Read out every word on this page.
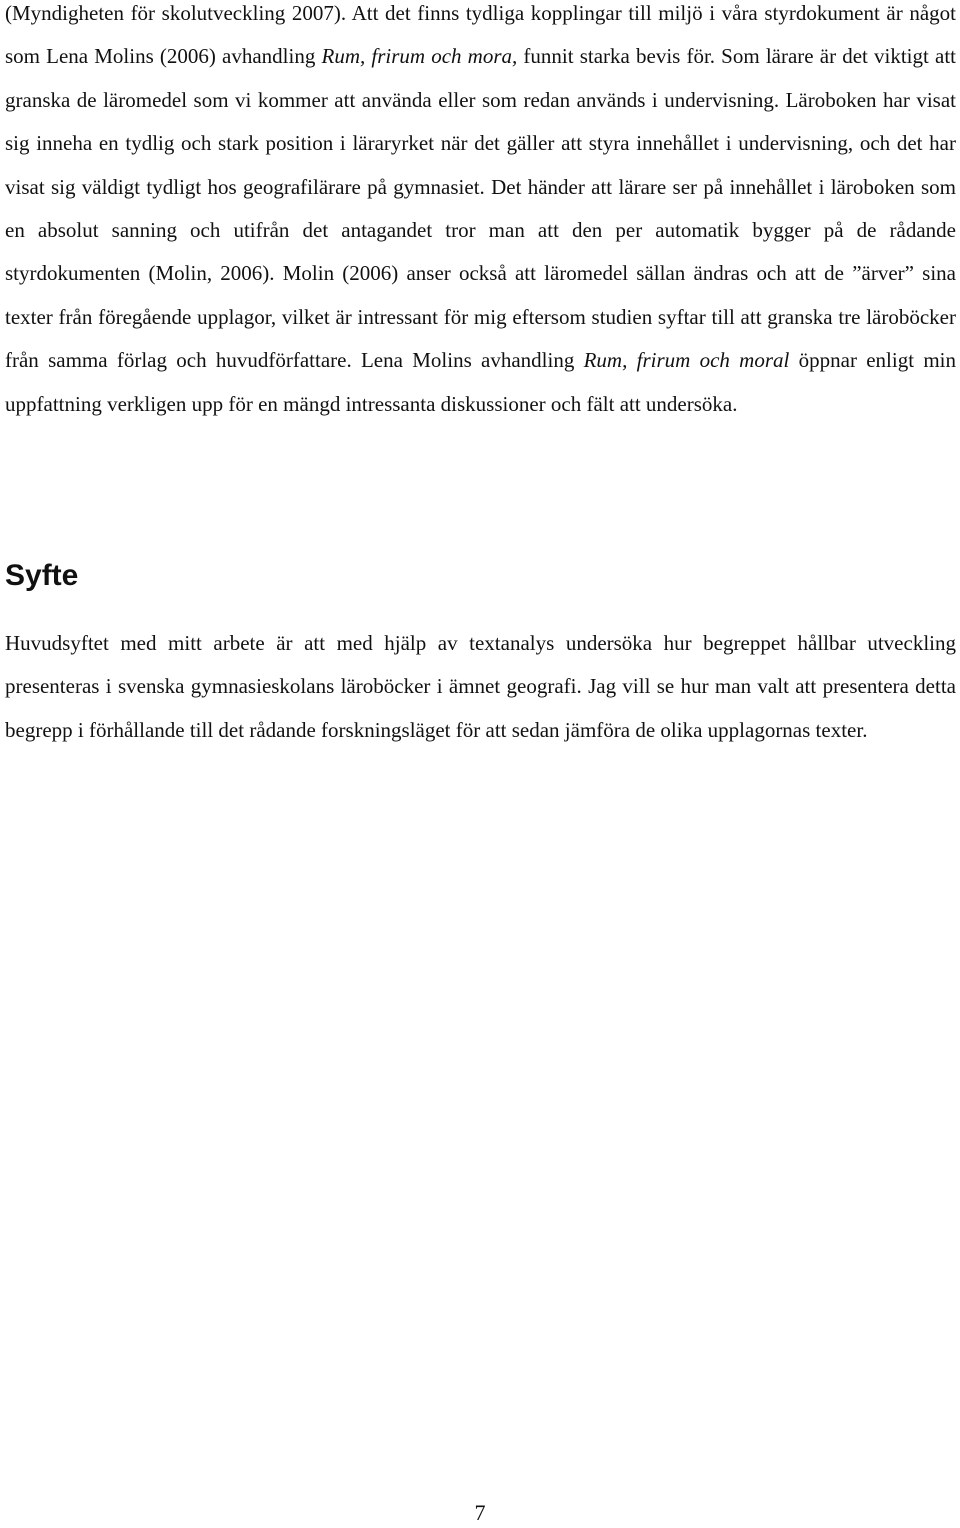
(Myndigheten för skolutveckling 2007). Att det finns tydliga kopplingar till miljö i våra styrdokument är något som Lena Molins (2006) avhandling Rum, frirum och mora, funnit starka bevis för. Som lärare är det viktigt att granska de läromedel som vi kommer att använda eller som redan används i undervisning. Läroboken har visat sig inneha en tydlig och stark position i läraryrket när det gäller att styra innehållet i undervisning, och det har visat sig väldigt tydligt hos geografilärare på gymnasiet. Det händer att lärare ser på innehållet i läroboken som en absolut sanning och utifrån det antagandet tror man att den per automatik bygger på de rådande styrdokumenten (Molin, 2006). Molin (2006) anser också att läromedel sällan ändras och att de ”ärver” sina texter från föregående upplagor, vilket är intressant för mig eftersom studien syftar till att granska tre läroböcker från samma förlag och huvudförfattare. Lena Molins avhandling Rum, frirum och moral öppnar enligt min uppfattning verkligen upp för en mängd intressanta diskussioner och fält att undersöka.

Syfte

Huvudsyftet med mitt arbete är att med hjälp av textanalys undersöka hur begreppet hållbar utveckling presenteras i svenska gymnasieskolans läroböcker i ämnet geografi. Jag vill se hur man valt att presentera detta begrepp i förhållande till det rådande forskningsläget för att sedan jämföra de olika upplagornas texter.

7
